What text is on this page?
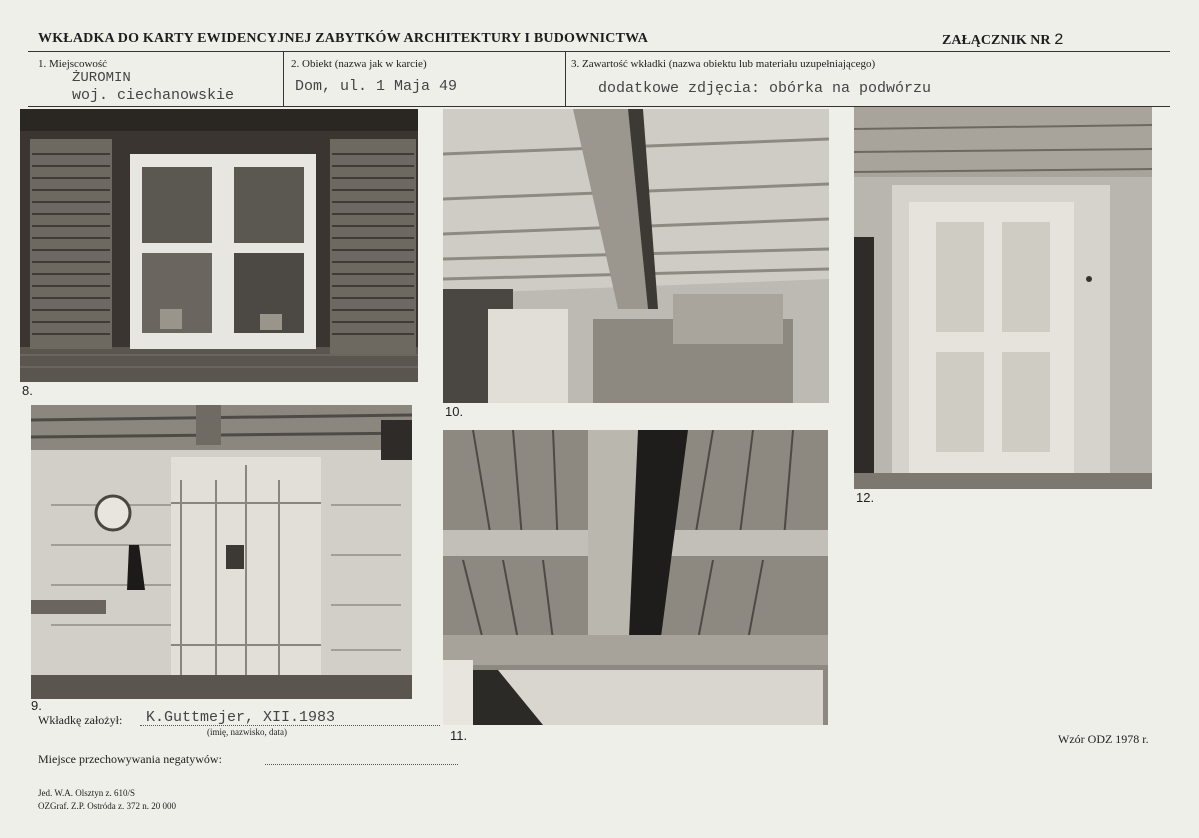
WKŁADKA DO KARTY EWIDENCYJNEJ ZABYTKÓW ARCHITEKTURY I BUDOWNICTWA	ZAŁĄCZNIK NR 2
1. Miejscowość
ŻUROMIN
woj. ciechanowskie
2. Obiekt (nazwa jak w karcie)
Dom, ul. 1 Maja 49
3. Zawartość wkładki (nazwa obiektu lub materiału uzupełniającego)
dodatkowe zdjęcia: obórka na podwórzu
8.
10.
12.
9.
11.
Wkładkę założył: K.Guttmejer, XII.1983
(imię, nazwisko, data)
Miejsce przechowywania negatywów:
Wzór ODZ 1978 r.
Jed. W.A. Olsztyn z. 610/S
OZGraf. Z.P. Ostróda z. 372 n. 20 000
